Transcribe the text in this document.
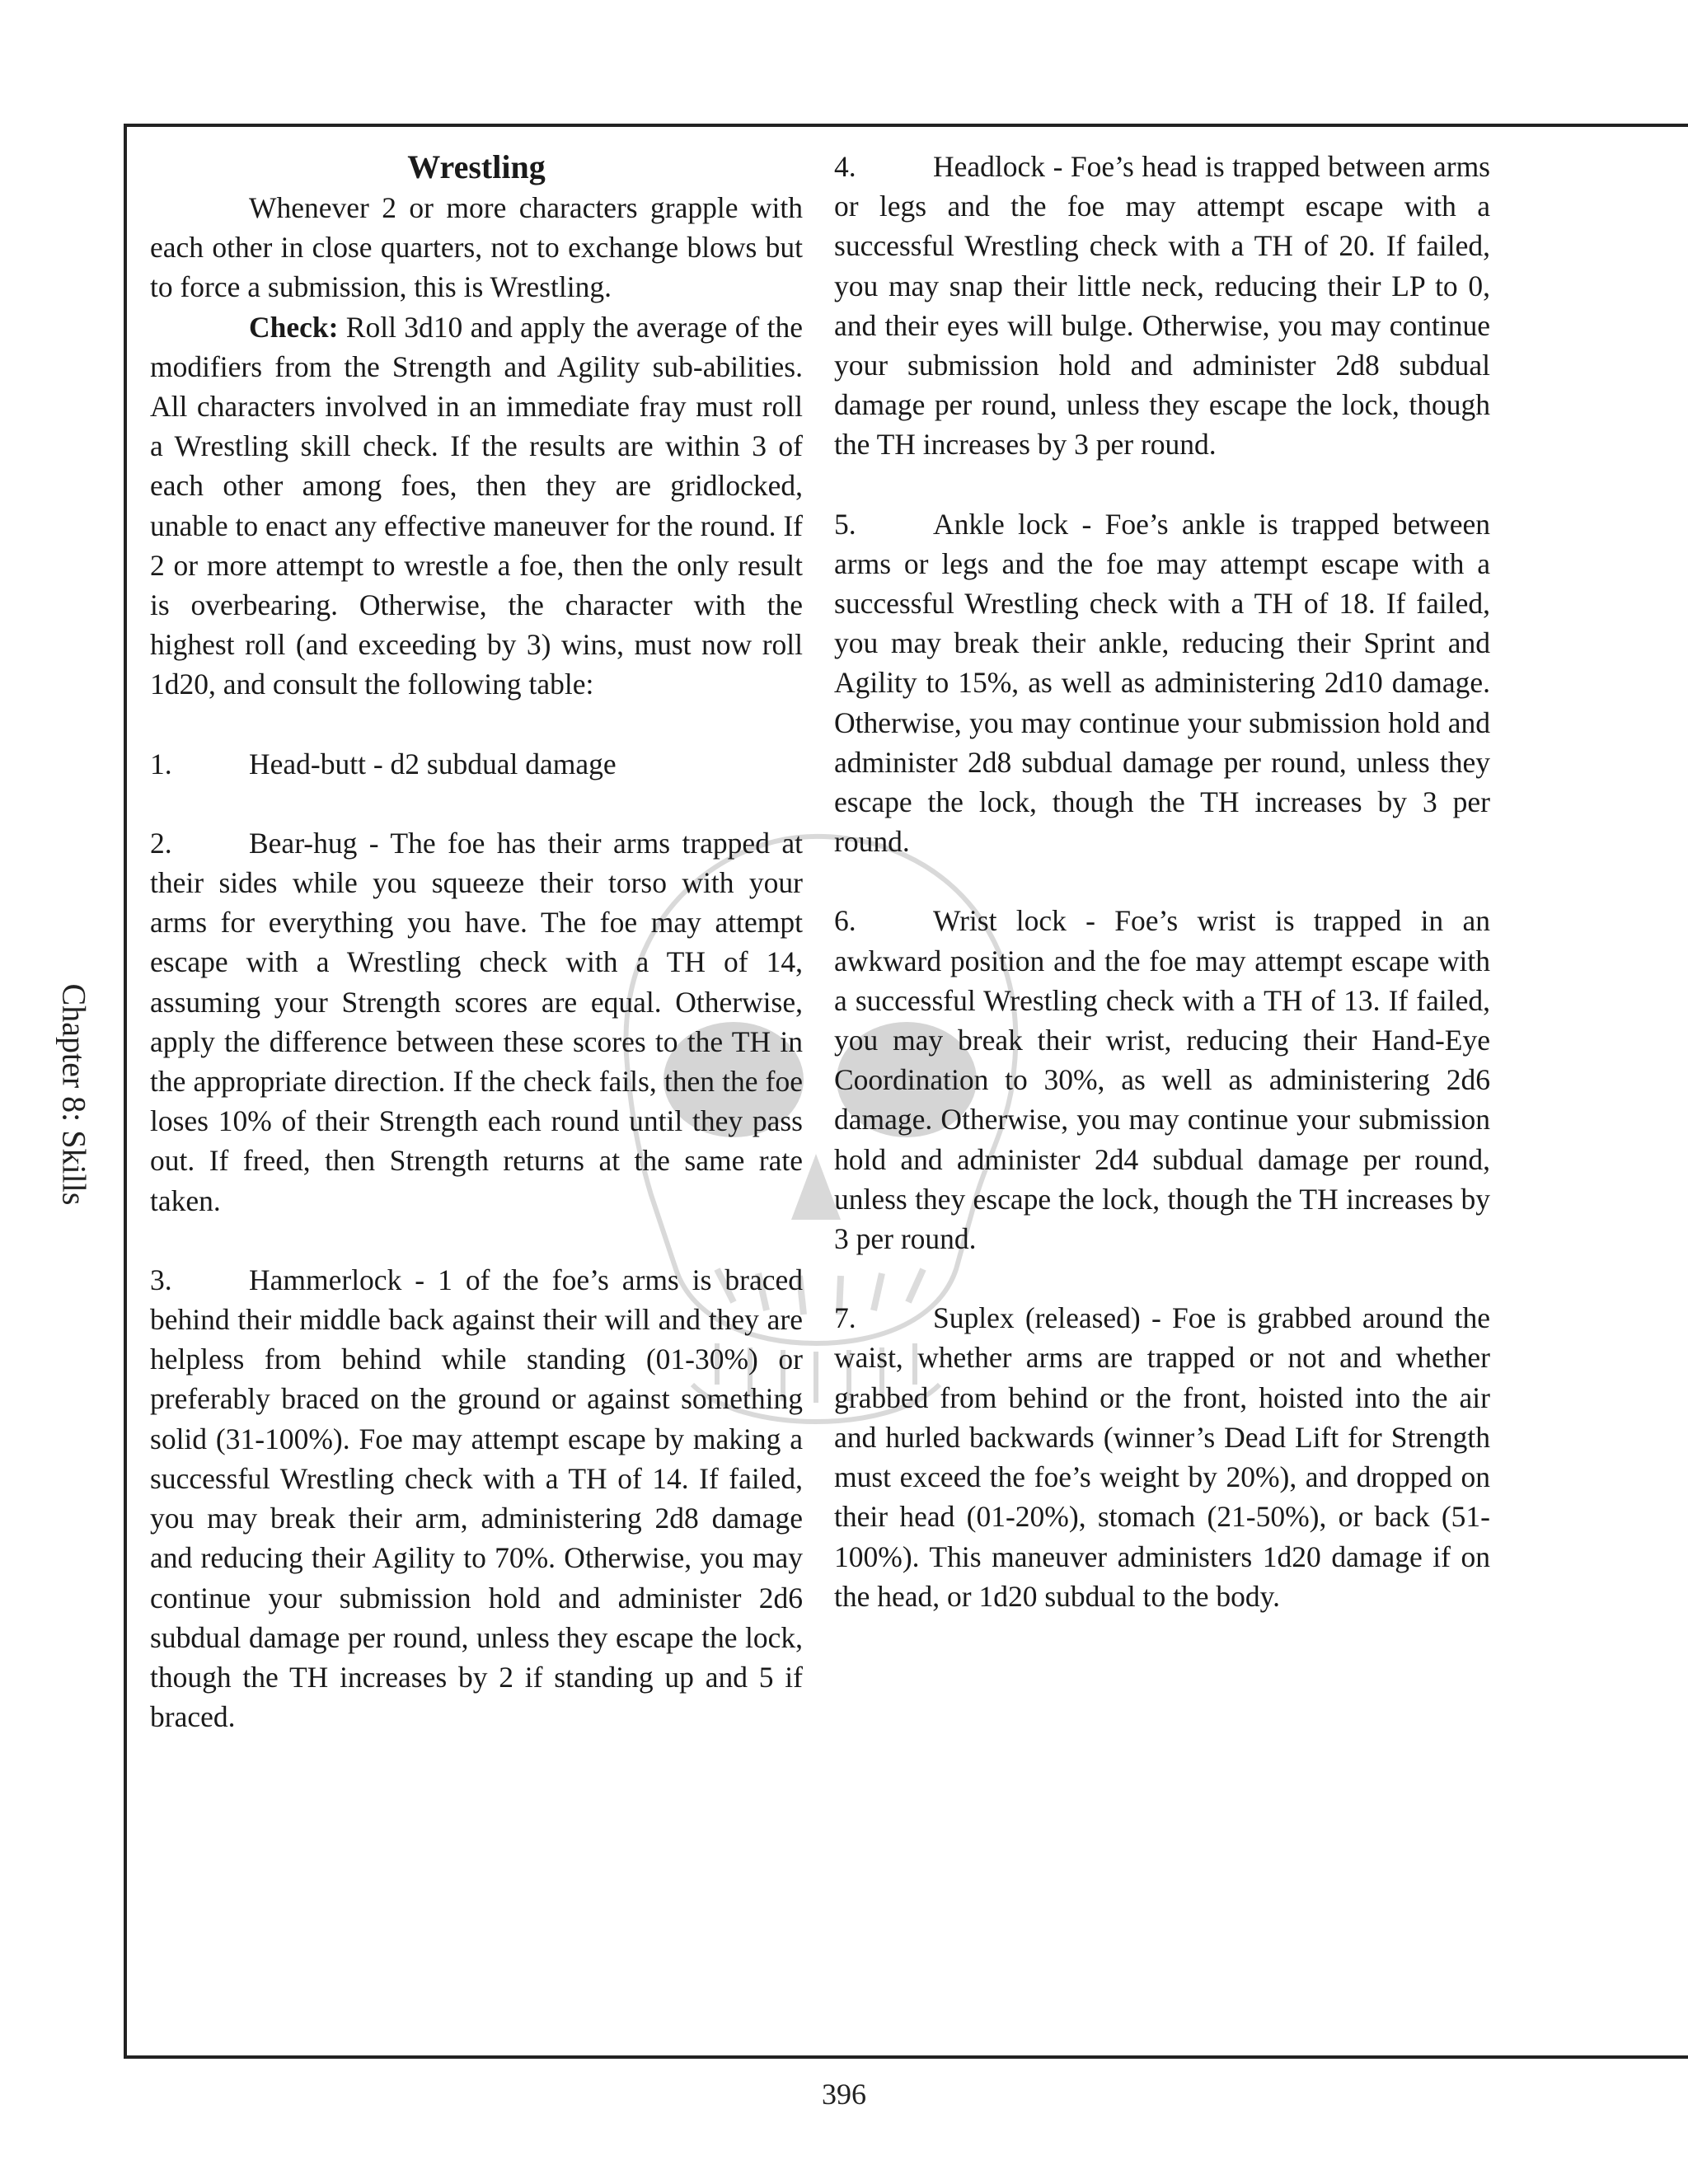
Chapter 8: Skills
Wrestling

Whenever 2 or more characters grapple with each other in close quarters, not to exchange blows but to force a submission, this is Wrestling.

Check: Roll 3d10 and apply the average of the modifiers from the Strength and Agility sub-abilities. All characters involved in an immediate fray must roll a Wrestling skill check. If the results are within 3 of each other among foes, then they are gridlocked, unable to enact any effective maneuver for the round. If 2 or more attempt to wrestle a foe, then the only result is overbearing. Otherwise, the character with the highest roll (and exceeding by 3) wins, must now roll 1d20, and consult the following table:

1.	Head-butt - d2 subdual damage

2.	Bear-hug - The foe has their arms trapped at their sides while you squeeze their torso with your arms for everything you have. The foe may attempt escape with a Wrestling check with a TH of 14, assuming your Strength scores are equal. Otherwise, apply the difference between these scores to the TH in the appropriate direction. If the check fails, then the foe loses 10% of their Strength each round until they pass out. If freed, then Strength returns at the same rate taken.

3.	Hammerlock - 1 of the foe’s arms is braced behind their middle back against their will and they are helpless from behind while standing (01-30%) or preferably braced on the ground or against something solid (31-100%). Foe may attempt escape by making a successful Wrestling check with a TH of 14. If failed, you may break their arm, administering 2d8 damage and reducing their Agility to 70%. Otherwise, you may continue your submission hold and administer 2d6 subdual damage per round, unless they escape the lock, though the TH increases by 2 if standing up and 5 if braced.

4.	Headlock - Foe’s head is trapped between arms or legs and the foe may attempt escape with a successful Wrestling check with a TH of 20. If failed, you may snap their little neck, reducing their LP to 0, and their eyes will bulge. Otherwise, you may continue your submission hold and administer 2d8 subdual damage per round, unless they escape the lock, though the TH increases by 3 per round.

5.	Ankle lock - Foe’s ankle is trapped between arms or legs and the foe may attempt escape with a successful Wrestling check with a TH of 18. If failed, you may break their ankle, reducing their Sprint and Agility to 15%, as well as administering 2d10 damage. Otherwise, you may continue your submission hold and administer 2d8 subdual damage per round, unless they escape the lock, though the TH increases by 3 per round.

6.	Wrist lock - Foe’s wrist is trapped in an awkward position and the foe may attempt escape with a successful Wrestling check with a TH of 13. If failed, you may break their wrist, reducing their Hand-Eye Coordination to 30%, as well as administering 2d6 damage. Otherwise, you may continue your submission hold and administer 2d4 subdual damage per round, unless they escape the lock, though the TH increases by 3 per round.

7.	Suplex (released) - Foe is grabbed around the waist, whether arms are trapped or not and whether grabbed from behind or the front, hoisted into the air and hurled backwards (winner’s Dead Lift for Strength must exceed the foe’s weight by 20%), and dropped on their head (01-20%), stomach (21-50%), or back (51-100%). This maneuver administers 1d20 damage if on the head, or 1d20 subdual to the body.

396
